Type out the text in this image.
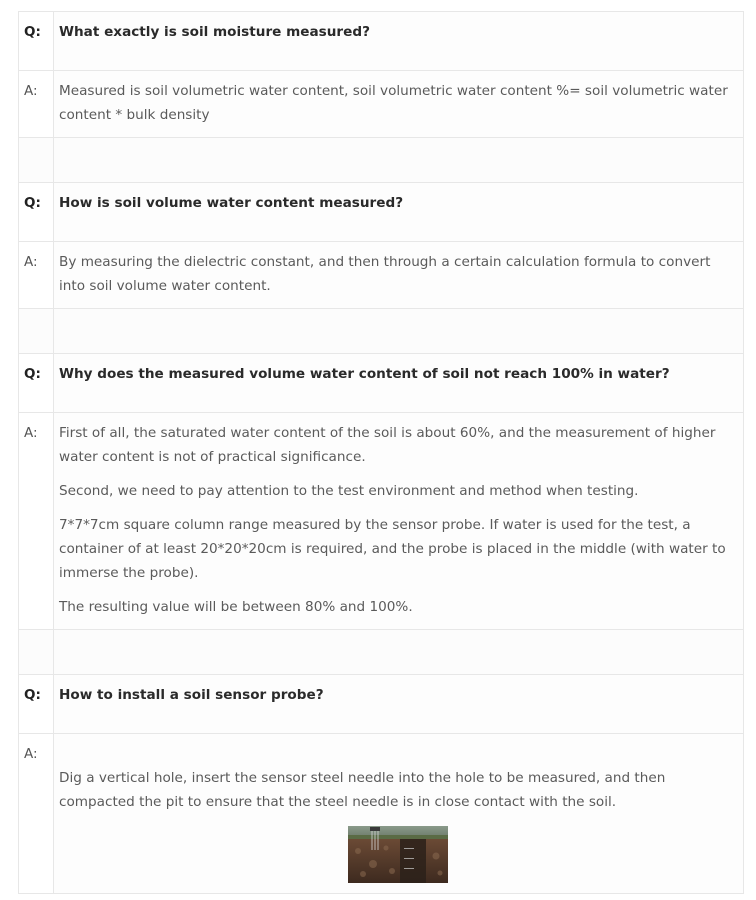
Q:	What exactly is soil moisture measured?

A:	Measured is soil volumetric water content, soil volumetric water content %= soil volumetric water content * bulk density

Q:	How is soil volume water content measured?

A:	By measuring the dielectric constant, and then through a certain calculation formula to convert into soil volume water content.

Q:	Why does the measured volume water content of soil not reach 100% in water?

A:	First of all, the saturated water content of the soil is about 60%, and the measurement of higher water content is not of practical significance.

Second, we need to pay attention to the test environment and method when testing.

7*7*7cm square column range measured by the sensor probe. If water is used for the test, a container of at least 20*20*20cm is required, and the probe is placed in the middle (with water to immerse the probe).

The resulting value will be between 80% and 100%.

Q:	How to install a soil sensor probe?

A:	Dig a vertical hole, insert the sensor steel needle into the hole to be measured, and then compacted the pit to ensure that the steel needle is in close contact with the soil.
